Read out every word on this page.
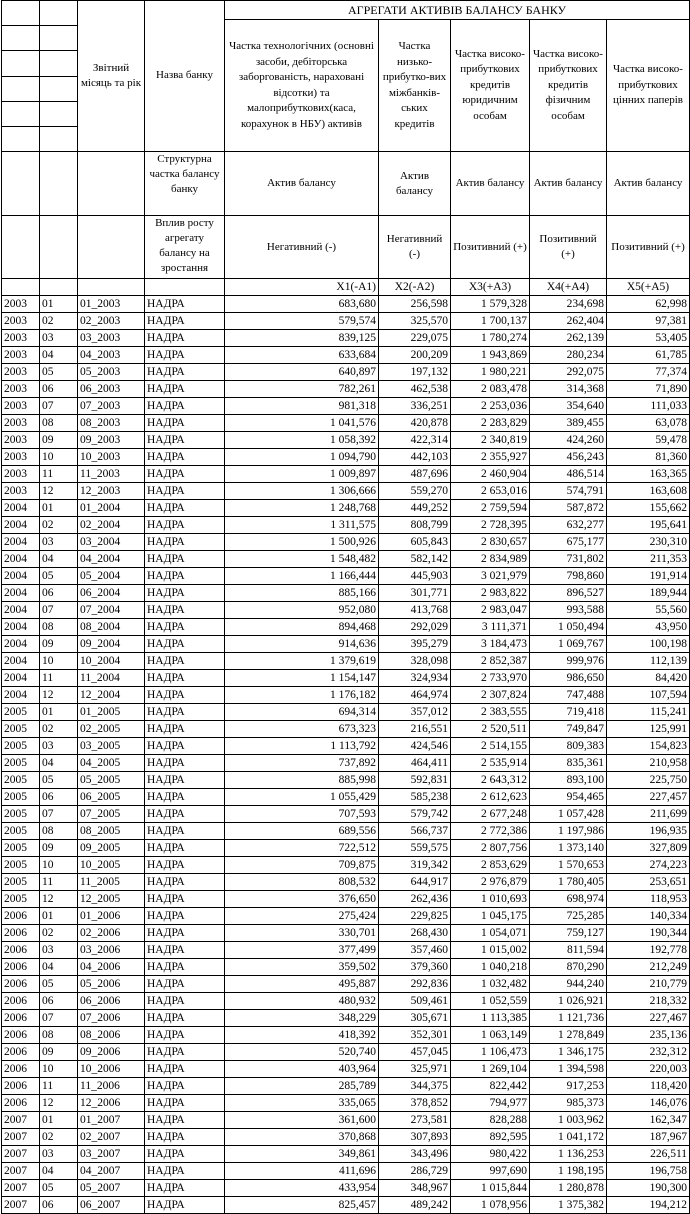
	Звітний місяць та рік	Назва банку	АГРЕГАТИ АКТИВІВ БАЛАНСУ БАНКУ				
				Частка технологічних (основні засоби, дебіторська заборгованість, нараховані відсотки) та малоприбуткових(каса, корахунок в НБУ) активів	Частка низько-прибутко-вих міжбанків-ських кредитів	Частка високо-прибуткових кредитів юридичним особам	Частка високо-прибуткових кредитів фізичним особам	Частка високо-прибуткових цінних паперів

			Структурна частка балансу банку	Актив балансу	Актив балансу	Актив балансу	Актив балансу	Актив балансу

			Вплив росту агрегату балансу на зростання	Негативний (-)	Негативний (-)	Позитивний (+)	Позитивний (+)	Позитивний (+)
				X1(-A1)	X2(-A2)	X3(+A3)	X4(+A4)	X5(+A5)
2003	01	01_2003	НАДРА	683,680	256,598	1 579,328	234,698	62,998
2003	02	02_2003	НАДРА	579,574	325,570	1 700,137	262,404	97,381
2003	03	03_2003	НАДРА	839,125	229,075	1 780,274	262,139	53,405
2003	04	04_2003	НАДРА	633,684	200,209	1 943,869	280,234	61,785
2003	05	05_2003	НАДРА	640,897	197,132	1 980,221	292,075	77,374
2003	06	06_2003	НАДРА	782,261	462,538	2 083,478	314,368	71,890
2003	07	07_2003	НАДРА	981,318	336,251	2 253,036	354,640	111,033
2003	08	08_2003	НАДРА	1 041,576	420,878	2 283,829	389,455	63,078
2003	09	09_2003	НАДРА	1 058,392	422,314	2 340,819	424,260	59,478
2003	10	10_2003	НАДРА	1 094,790	442,103	2 355,927	456,243	81,360
2003	11	11_2003	НАДРА	1 009,897	487,696	2 460,904	486,514	163,365
2003	12	12_2003	НАДРА	1 306,666	559,270	2 653,016	574,791	163,608
2004	01	01_2004	НАДРА	1 248,768	449,252	2 759,594	587,872	155,662
2004	02	02_2004	НАДРА	1 311,575	808,799	2 728,395	632,277	195,641
2004	03	03_2004	НАДРА	1 500,926	605,843	2 830,657	675,177	230,310
2004	04	04_2004	НАДРА	1 548,482	582,142	2 834,989	731,802	211,353
2004	05	05_2004	НАДРА	1 166,444	445,903	3 021,979	798,860	191,914
2004	06	06_2004	НАДРА	885,166	301,771	2 983,822	896,527	189,944
2004	07	07_2004	НАДРА	952,080	413,768	2 983,047	993,588	55,560
2004	08	08_2004	НАДРА	894,468	292,029	3 111,371	1 050,494	43,950
2004	09	09_2004	НАДРА	914,636	395,279	3 184,473	1 069,767	100,198
2004	10	10_2004	НАДРА	1 379,619	328,098	2 852,387	999,976	112,139
2004	11	11_2004	НАДРА	1 154,147	324,934	2 733,970	986,650	84,420
2004	12	12_2004	НАДРА	1 176,182	464,974	2 307,824	747,488	107,594
2005	01	01_2005	НАДРА	694,314	357,012	2 383,555	719,418	115,241
2005	02	02_2005	НАДРА	673,323	216,551	2 520,511	749,847	125,991
2005	03	03_2005	НАДРА	1 113,792	424,546	2 514,155	809,383	154,823
2005	04	04_2005	НАДРА	737,892	464,411	2 535,914	835,361	210,958
2005	05	05_2005	НАДРА	885,998	592,831	2 643,312	893,100	225,750
2005	06	06_2005	НАДРА	1 055,429	585,238	2 612,623	954,465	227,457
2005	07	07_2005	НАДРА	707,593	579,742	2 677,248	1 057,428	211,699
2005	08	08_2005	НАДРА	689,556	566,737	2 772,386	1 197,986	196,935
2005	09	09_2005	НАДРА	722,512	559,575	2 807,756	1 373,140	327,809
2005	10	10_2005	НАДРА	709,875	319,342	2 853,629	1 570,653	274,223
2005	11	11_2005	НАДРА	808,532	644,917	2 976,879	1 780,405	253,651
2005	12	12_2005	НАДРА	376,650	262,436	1 010,693	698,974	118,953
2006	01	01_2006	НАДРА	275,424	229,825	1 045,175	725,285	140,334
2006	02	02_2006	НАДРА	330,701	268,430	1 054,071	759,127	190,344
2006	03	03_2006	НАДРА	377,499	357,460	1 015,002	811,594	192,778
2006	04	04_2006	НАДРА	359,502	379,360	1 040,218	870,290	212,249
2006	05	05_2006	НАДРА	495,887	292,836	1 032,482	944,240	210,779
2006	06	06_2006	НАДРА	480,932	509,461	1 052,559	1 026,921	218,332
2006	07	07_2006	НАДРА	348,229	305,671	1 113,385	1 121,736	227,467
2006	08	08_2006	НАДРА	418,392	352,301	1 063,149	1 278,849	235,136
2006	09	09_2006	НАДРА	520,740	457,045	1 106,473	1 346,175	232,312
2006	10	10_2006	НАДРА	403,964	325,971	1 269,104	1 394,598	220,003
2006	11	11_2006	НАДРА	285,789	344,375	822,442	917,253	118,420
2006	12	12_2006	НАДРА	335,065	378,852	794,977	985,373	146,076
2007	01	01_2007	НАДРА	361,600	273,581	828,288	1 003,962	162,347
2007	02	02_2007	НАДРА	370,868	307,893	892,595	1 041,172	187,967
2007	03	03_2007	НАДРА	349,861	343,496	980,422	1 136,253	226,511
2007	04	04_2007	НАДРА	411,696	286,729	997,690	1 198,195	196,758
2007	05	05_2007	НАДРА	433,954	348,967	1 015,844	1 280,878	190,300
2007	06	06_2007	НАДРА	825,457	489,242	1 078,956	1 375,382	194,212
